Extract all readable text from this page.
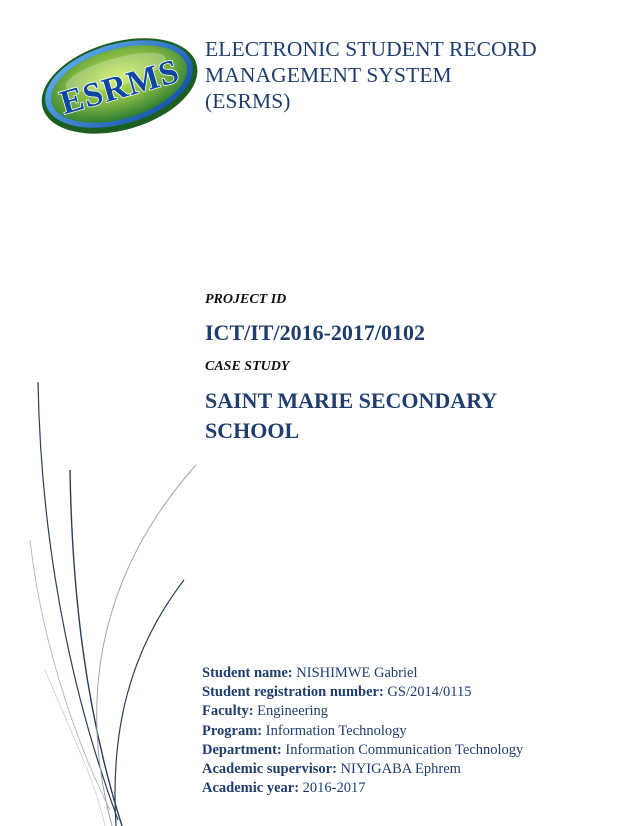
ESRMS
ELECTRONIC STUDENT RECORD
MANAGEMENT SYSTEM
(ESRMS)
PROJECT ID
ICT/IT/2016-2017/0102
CASE STUDY
SAINT MARIE SECONDARY
SCHOOL
Student name: NISHIMWE Gabriel
Student registration number: GS/2014/0115
Faculty: Engineering
Program: Information Technology
Department: Information Communication Technology
Academic supervisor: NIYIGABA Ephrem
Academic year: 2016-2017
